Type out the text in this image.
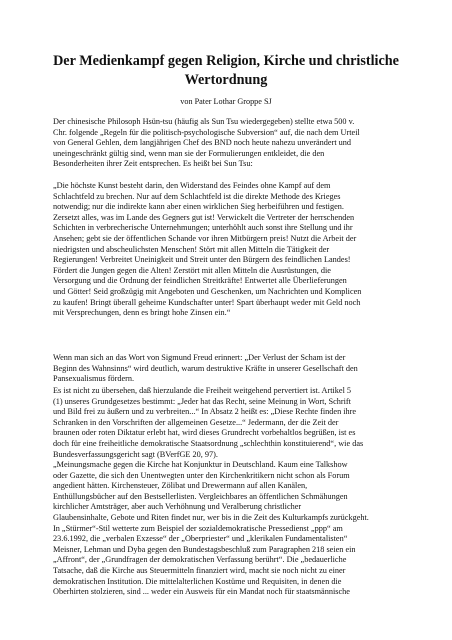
Der Medienkampf gegen Religion, Kirche und christliche
Wertordnung
von Pater Lothar Groppe SJ
Der chinesische Philosoph Hsün-tsu (häufig als Sun Tsu wiedergegeben) stellte etwa 500 v.
Chr. folgende „Regeln für die politisch-psychologische Subversion“ auf, die nach dem Urteil
von General Gehlen, dem langjährigen Chef des BND noch heute nahezu unverändert und
uneingeschränkt gültig sind, wenn man sie der Formulierungen entkleidet, die den
Besonderheiten ihrer Zeit entsprechen. Es heißt bei Sun Tsu:
„Die höchste Kunst besteht darin, den Widerstand des Feindes ohne Kampf auf dem
Schlachtfeld zu brechen. Nur auf dem Schlachtfeld ist die direkte Methode des Krieges
notwendig; nur die indirekte kann aber einen wirklichen Sieg herbeiführen und festigen.
Zersetzt alles, was im Lande des Gegners gut ist! Verwickelt die Vertreter der herrschenden
Schichten in verbrecherische Unternehmungen; unterhöhlt auch sonst ihre Stellung und ihr
Ansehen; gebt sie der öffentlichen Schande vor ihren Mitbürgern preis! Nutzt die Arbeit der
niedrigsten und abscheulichsten Menschen! Stört mit allen Mitteln die Tätigkeit der
Regierungen! Verbreitet Uneinigkeit und Streit unter den Bürgern des feindlichen Landes!
Fördert die Jungen gegen die Alten! Zerstört mit allen Mitteln die Ausrüstungen, die
Versorgung und die Ordnung der feindlichen Streitkräfte! Entwertet alle Überlieferungen
und Götter! Seid großzügig mit Angeboten und Geschenken, um Nachrichten und Komplicen
zu kaufen! Bringt überall geheime Kundschafter unter! Spart überhaupt weder mit Geld noch
mit Versprechungen, denn es bringt hohe Zinsen ein.“
Wenn man sich an das Wort von Sigmund Freud erinnert: „Der Verlust der Scham ist der
Beginn des Wahnsinns“ wird deutlich, warum destruktive Kräfte in unserer Gesellschaft den
Pansexualismus fördern.
Es ist nicht zu übersehen, daß hierzulande die Freiheit weitgehend pervertiert ist. Artikel 5
(1) unseres Grundgesetzes bestimmt: „Jeder hat das Recht, seine Meinung in Wort, Schrift
und Bild frei zu äußern und zu verbreiten...“ In Absatz 2 heißt es: „Diese Rechte finden ihre
Schranken in den Vorschriften der allgemeinen Gesetze...“ Jedermann, der die Zeit der
braunen oder roten Diktatur erlebt hat, wird dieses Grundrecht vorbehaltlos begrüßen, ist es
doch für eine freiheitliche demokratische Staatsordnung „schlechthin konstituierend“, wie das
Bundesverfassungsgericht sagt (BVerfGE 20, 97).
„Meinungsmache gegen die Kirche hat Konjunktur in Deutschland. Kaum eine Talkshow
oder Gazette, die sich den Unentwegten unter den Kirchenkritikern nicht schon als Forum
angedient hätten. Kirchensteuer, Zölibat und Drewermann auf allen Kanälen,
Enthüllungsbücher auf den Bestsellerlisten. Vergleichbares an öffentlichen Schmähungen
kirchlicher Amtsträger, aber auch Verhöhnung und Veralberung christlicher
Glaubensinhalte, Gebote und Riten findet nur, wer bis in die Zeit des Kulturkampfs zurückgeht.
In „Stürmer“-Stil wetterte zum Beispiel der sozialdemokratische Pressedienst „ppp“ am
23.6.1992, die „verbalen Exzesse“ der „Oberpriester“ und „klerikalen Fundamentalisten“
Meisner, Lehman und Dyba gegen den Bundestagsbeschluß zum Paragraphen 218 seien ein
„Affront“, der „Grundfragen der demokratischen Verfassung berührt“. Die „bedauerliche
Tatsache, daß die Kirche aus Steuermitteln finanziert wird, macht sie noch nicht zu einer
demokratischen Institution. Die mittelalterlichen Kostüme und Requisiten, in denen die
Oberhirten stolzieren, sind ... weder ein Ausweis für ein Mandat noch für staatsmännische
